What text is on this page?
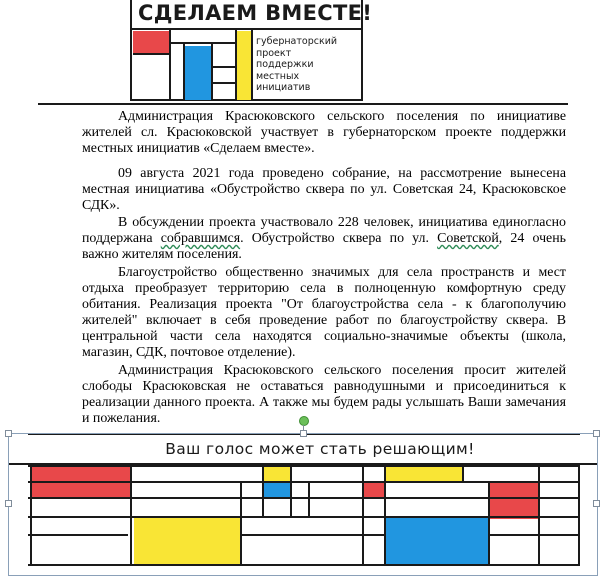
СДЕЛАЕМ ВМЕСТЕ!
губернаторский
проект
поддержки
местных
инициатив
Администрация Красюковского сельского поселения по инициативе жителей сл. Красюковской участвует в губернаторском проекте поддержки местных инициатив «Сделаем вместе».
09 августа 2021 года проведено собрание, на рассмотрение вынесена местная инициатива «Обустройство сквера по ул. Советская 24, Красюковское СДК».
В обсуждении проекта участвовало 228 человек, инициатива единогласно поддержана собравшимся. Обустройство сквера по ул. Советской, 24 очень важно жителям поселения.
Благоустройство общественно значимых для села пространств и мест отдыха преобразует территорию села в полноценную комфортную среду обитания. Реализация проекта "От благоустройства села - к благополучию жителей" включает в себя проведение работ по благоустройству сквера. В центральной части села находятся социально-значимые объекты (школа, магазин, СДК, почтовое отделение).
Администрация Красюковского сельского поселения просит жителей слободы Красюковская не оставаться равнодушными и присоединиться к реализации данного проекта. А также мы будем рады услышать Ваши замечания и пожелания.
Ваш голос может стать решающим!
